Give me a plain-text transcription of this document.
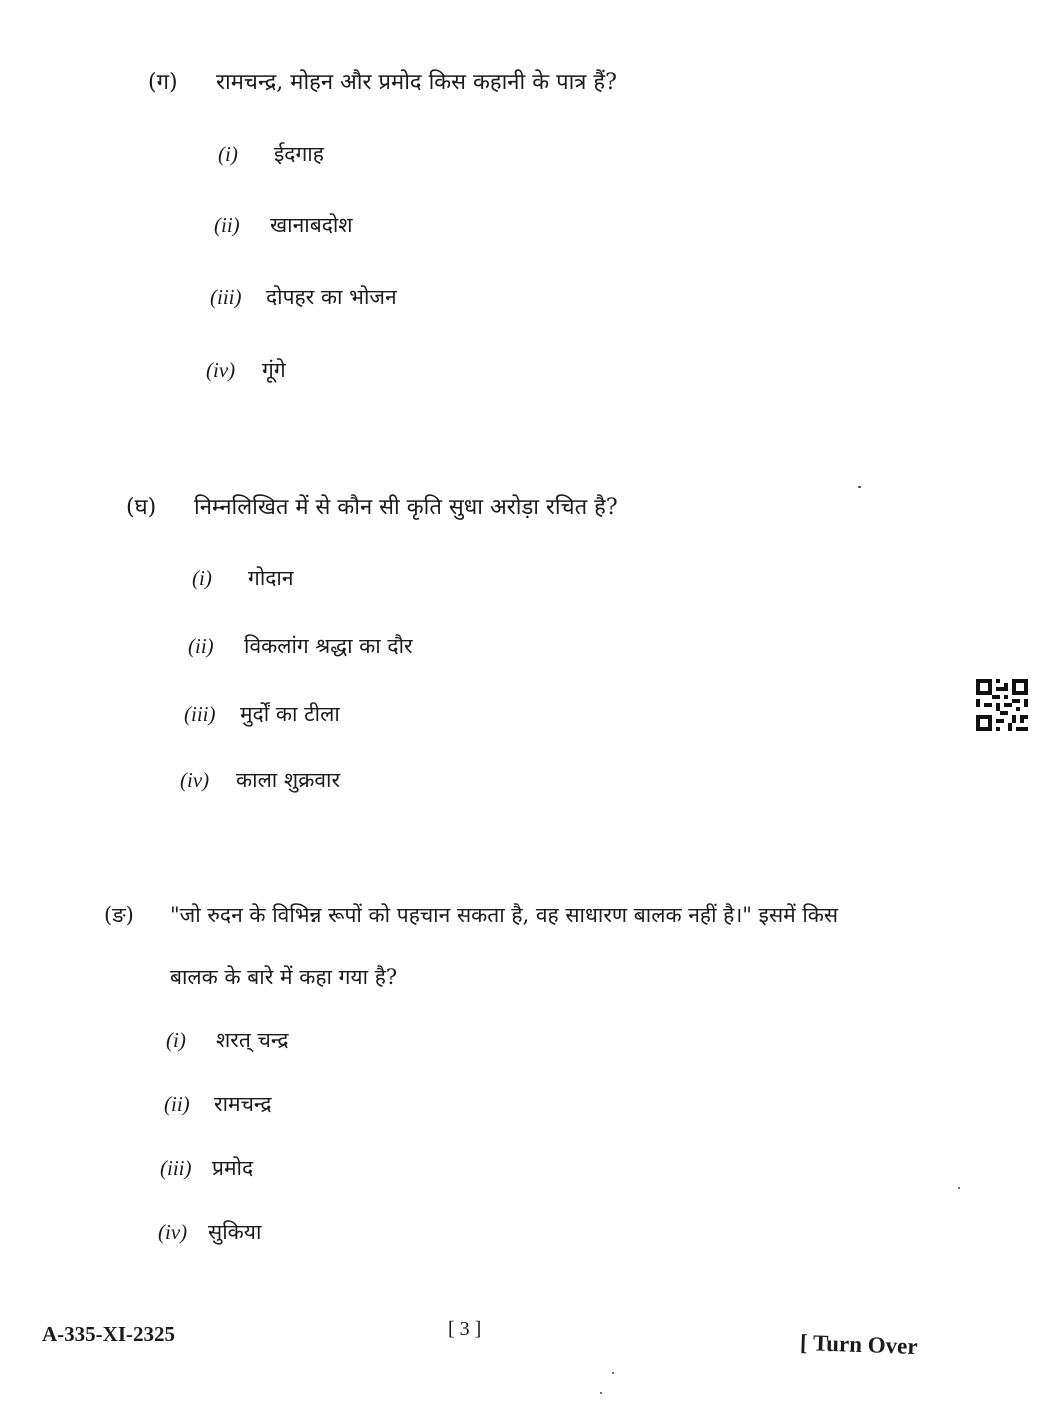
(ग) रामचन्द्र, मोहन और प्रमोद किस कहानी के पात्र हैं?
(i) ईदगाह
(ii) खानाबदोश
(iii) दोपहर का भोजन
(iv) गूंगे
(घ) निम्नलिखित में से कौन सी कृति सुधा अरोड़ा रचित है?
(i) गोदान
(ii) विकलांग श्रद्धा का दौर
(iii) मुर्दों का टीला
(iv) काला शुक्रवार
(ङ) "जो रुदन के विभिन्न रूपों को पहचान सकता है, वह साधारण बालक नहीं है।" इसमें किस
बालक के बारे में कहा गया है?
(i) शरत् चन्द्र
(ii) रामचन्द्र
(iii) प्रमोद
(iv) सुकिया
A-335-XI-2325	[ 3 ]
[ Turn Over
